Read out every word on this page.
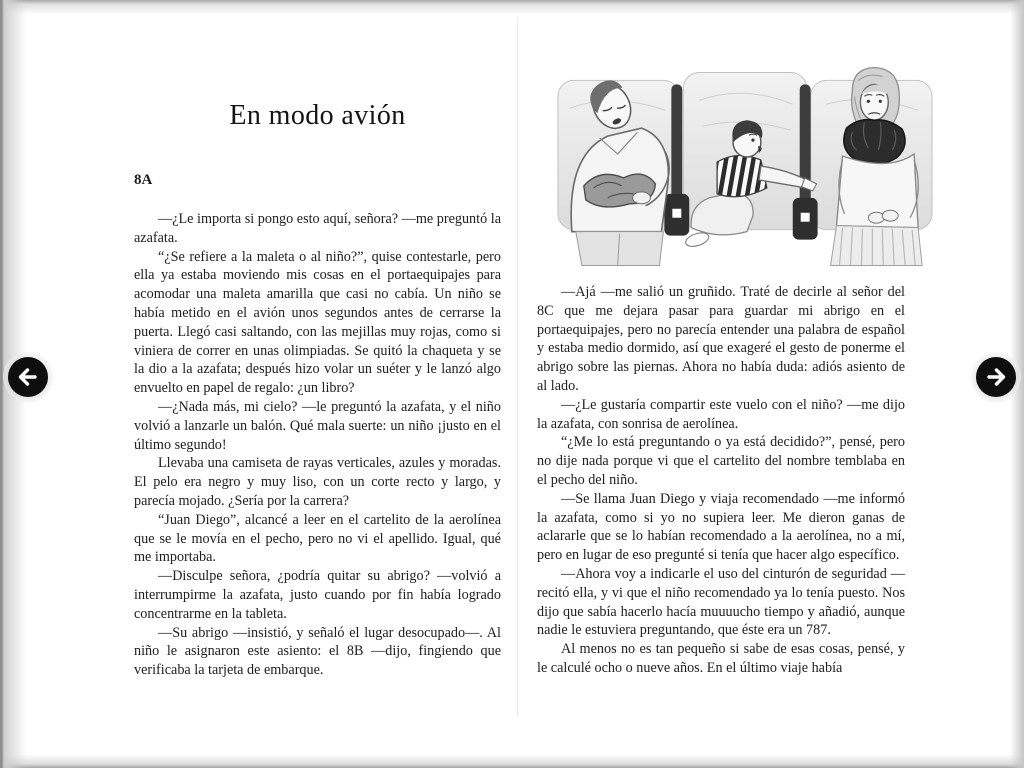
En modo avión
8A

—¿Le importa si pongo esto aquí, señora? —me preguntó la azafata.

“¿Se refiere a la maleta o al niño?”, quise contestarle, pero ella ya estaba moviendo mis cosas en el portaequipajes para acomodar una maleta amarilla que casi no cabía. Un niño se había metido en el avión unos segundos antes de cerrarse la puerta. Llegó casi saltando, con las mejillas muy rojas, como si viniera de correr en unas olimpiadas. Se quitó la chaqueta y se la dio a la azafata; después hizo volar un suéter y le lanzó algo envuelto en papel de regalo: ¿un libro?

—¿Nada más, mi cielo? —le preguntó la azafata, y el niño volvió a lanzarle un balón. Qué mala suerte: un niño ¡justo en el último segundo!

Llevaba una camiseta de rayas verticales, azules y moradas. El pelo era negro y muy liso, con un corte recto y largo, y parecía mojado. ¿Sería por la carrera?

“Juan Diego”, alcancé a leer en el cartelito de la aerolínea que se le movía en el pecho, pero no vi el apellido. Igual, qué me importaba.

—Disculpe señora, ¿podría quitar su abrigo? —volvió a interrumpirme la azafata, justo cuando por fin había logrado concentrarme en la tableta.

—Su abrigo —insistió, y señaló el lugar desocupado—. Al niño le asignaron este asiento: el 8B —dijo, fingiendo que verificaba la tarjeta de embarque.

—Ajá —me salió un gruñido. Traté de decirle al señor del 8C que me dejara pasar para guardar mi abrigo en el portaequipajes, pero no parecía entender una palabra de español y estaba medio dormido, así que exageré el gesto de ponerme el abrigo sobre las piernas. Ahora no había duda: adiós asiento de al lado.

—¿Le gustaría compartir este vuelo con el niño? —me dijo la azafata, con sonrisa de aerolínea.

“¿Me lo está preguntando o ya está decidido?”, pensé, pero no dije nada porque vi que el cartelito del nombre temblaba en el pecho del niño.

—Se llama Juan Diego y viaja recomendado —me informó la azafata, como si yo no supiera leer. Me dieron ganas de aclararle que se lo habían recomendado a la aerolínea, no a mí, pero en lugar de eso pregunté si tenía que hacer algo específico.

—Ahora voy a indicarle el uso del cinturón de seguridad —recitó ella, y vi que el niño recomendado ya lo tenía puesto. Nos dijo que sabía hacerlo hacía muuuucho tiempo y añadió, aunque nadie le estuviera preguntando, que éste era un 787.

Al menos no es tan pequeño si sabe de esas cosas, pensé, y le calculé ocho o nueve años. En el último viaje había
